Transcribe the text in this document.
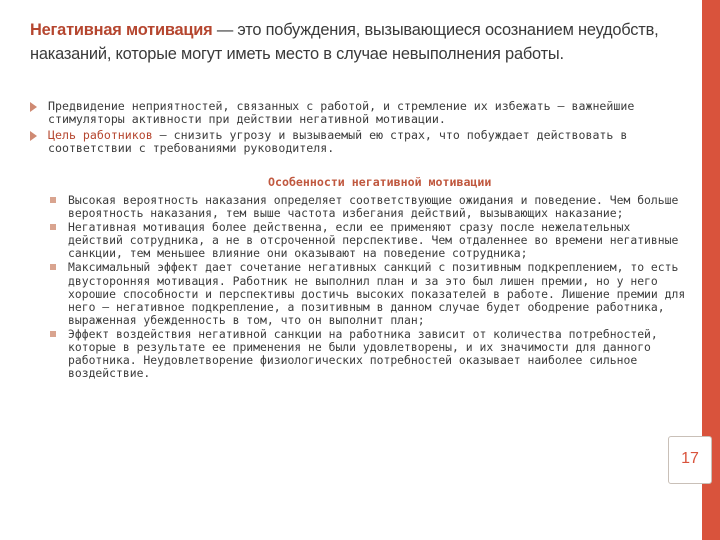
Негативная мотивация — это побуждения, вызывающиеся осознанием неудобств, наказаний, которые могут иметь место в случае невыполнения работы.
Предвидение неприятностей, связанных с работой, и стремление их избежать — важнейшие стимуляторы активности при действии негативной мотивации.
Цель работников — снизить угрозу и вызываемый ею страх, что побуждает действовать в соответствии с требованиями руководителя.
Особенности негативной мотивации
Высокая вероятность наказания определяет соответствующие ожидания и поведение. Чем больше вероятность наказания, тем выше частота избегания действий, вызывающих наказание;
Негативная мотивация более действенна, если ее применяют сразу после нежелательных действий сотрудника, а не в отсроченной перспективе. Чем отдаленнее во времени негативные санкции, тем меньшее влияние они оказывают на поведение сотрудника;
Максимальный эффект дает сочетание негативных санкций с позитивным подкреплением, то есть двусторонняя мотивация. Работник не выполнил план и за это был лишен премии, но у него хорошие способности и перспективы достичь высоких показателей в работе. Лишение премии для него — негативное подкрепление, а позитивным в данном случае будет ободрение работника, выраженная убежденность в том, что он выполнит план;
Эффект воздействия негативной санкции на работника зависит от количества потребностей, которые в результате ее применения не были удовлетворены, и их значимости для данного работника. Неудовлетворение физиологических потребностей оказывает наиболее сильное воздействие.
17
